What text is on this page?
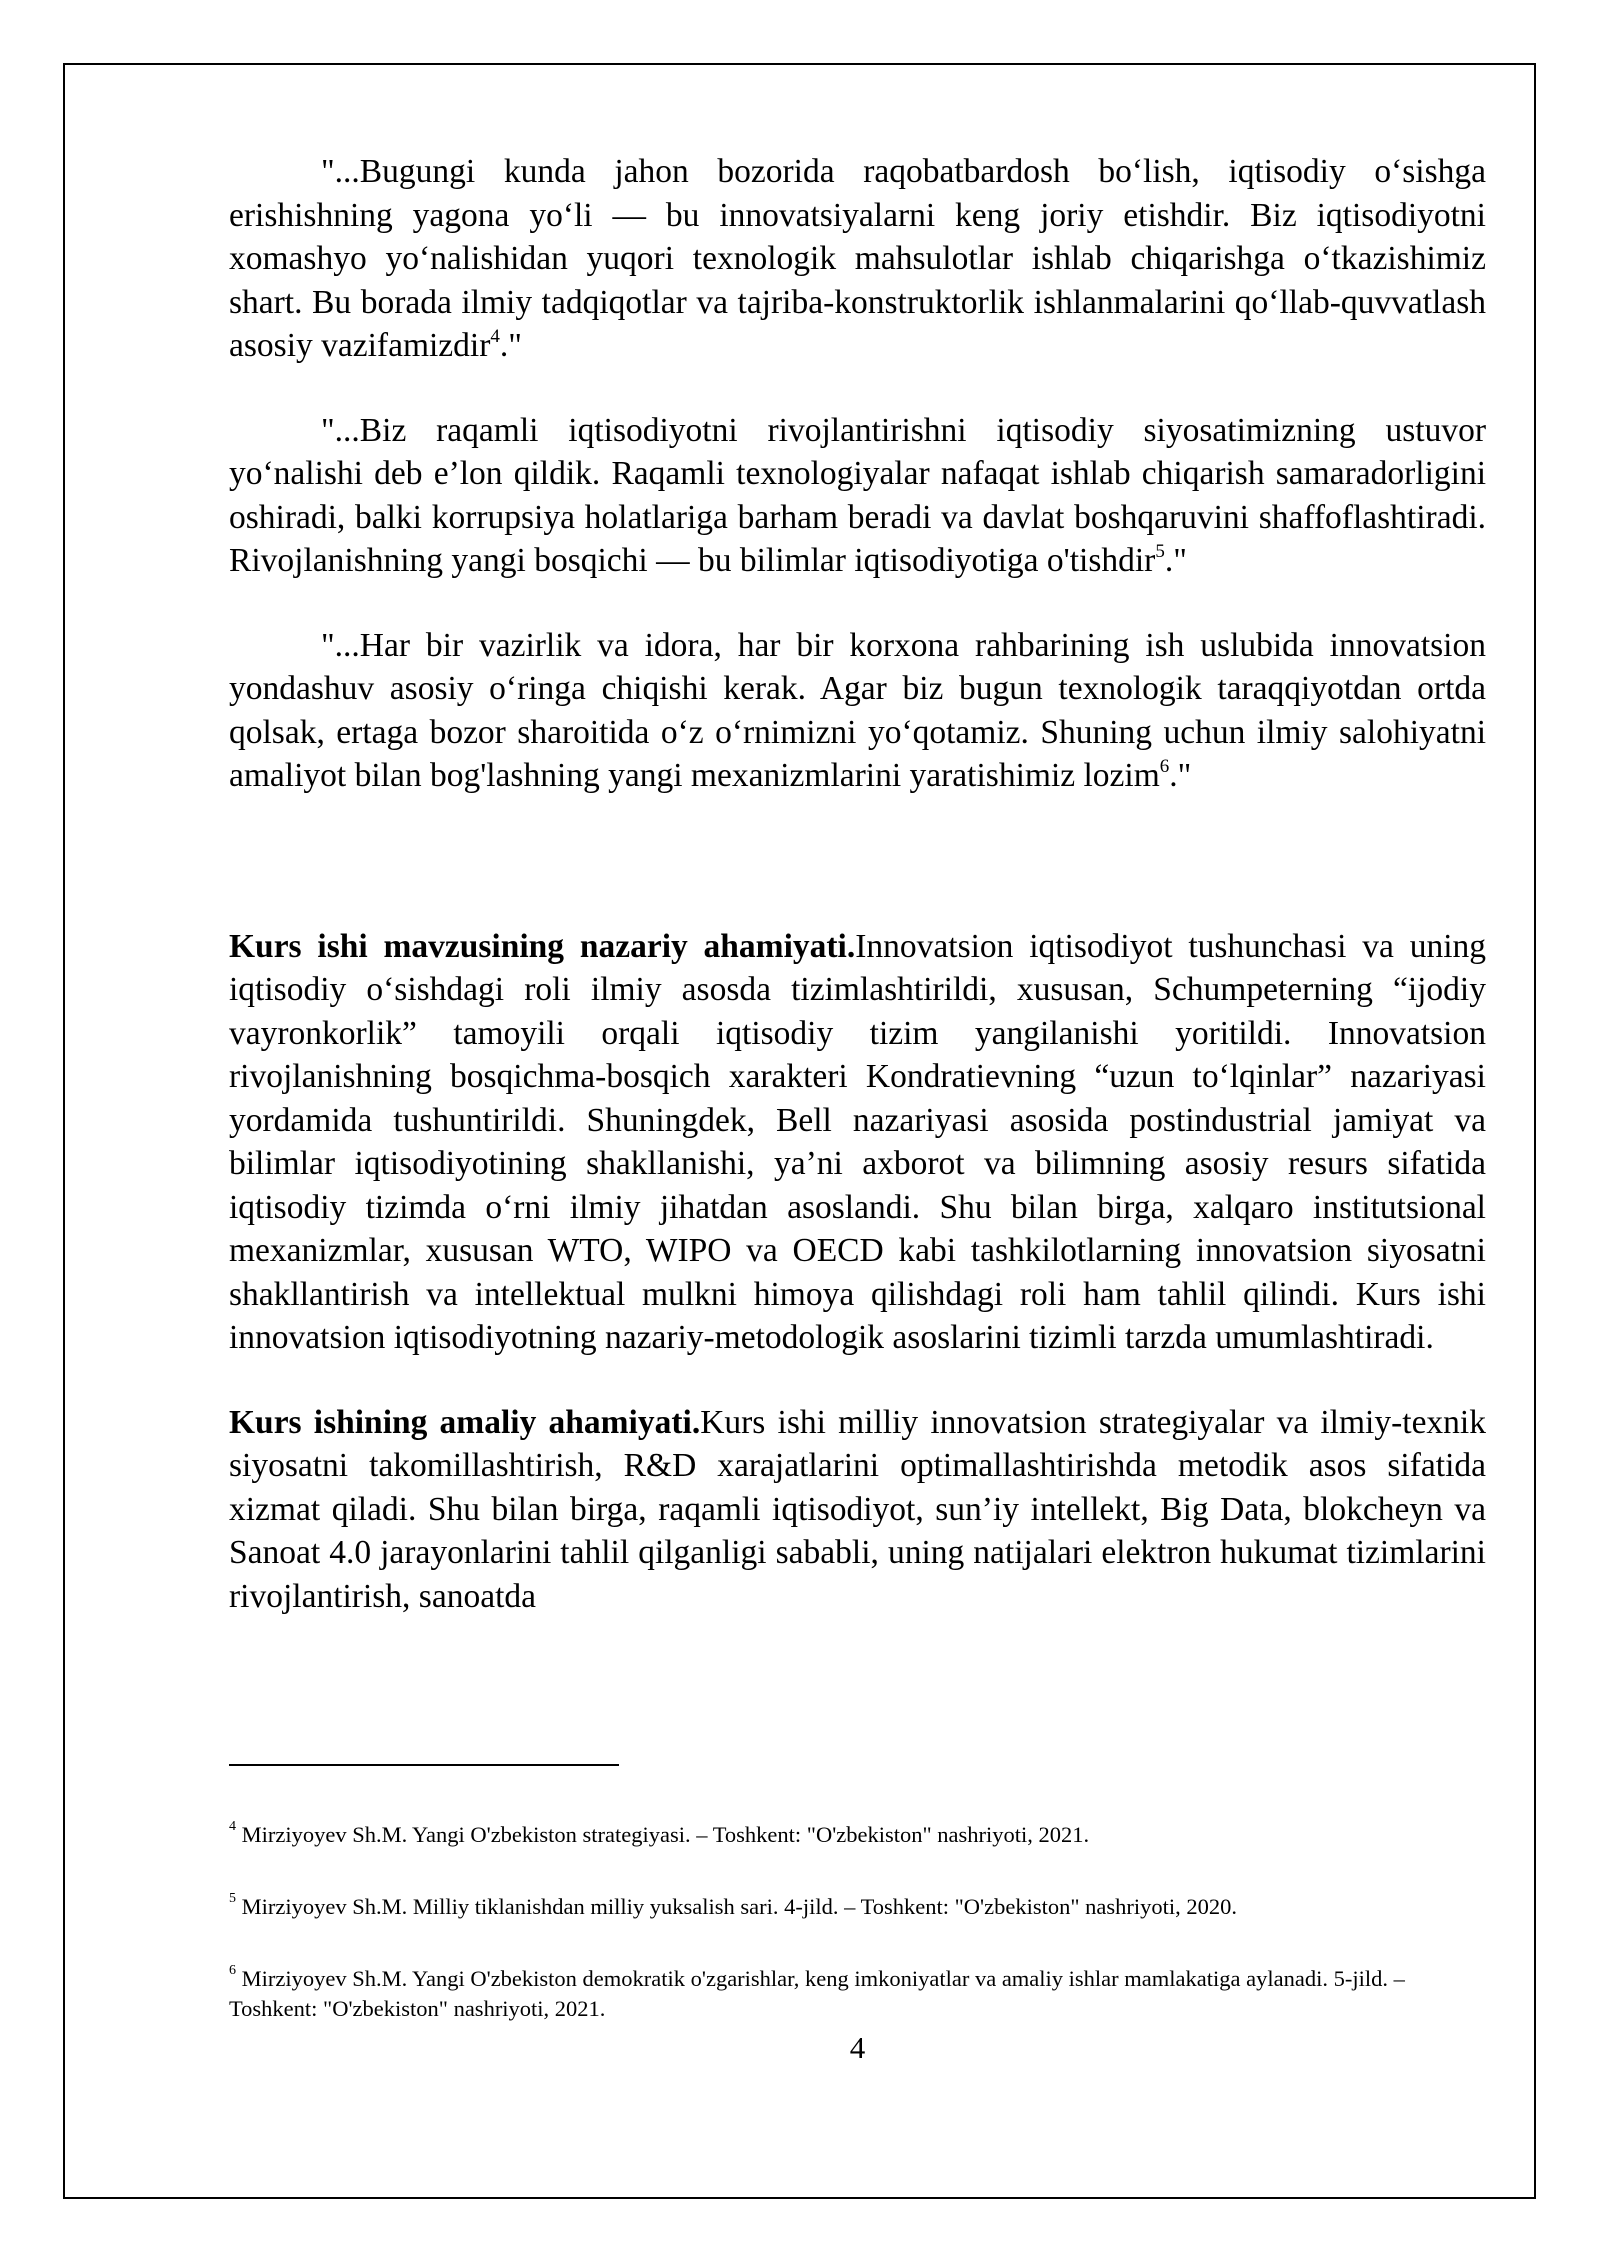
"...Bugungi kunda jahon bozorida raqobatbardosh bo‘lish, iqtisodiy o‘sishga erishishning yagona yo‘li — bu innovatsiyalarni keng joriy etishdir. Biz iqtisodiyotni xomashyo yo‘nalishidan yuqori texnologik mahsulotlar ishlab chiqarishga o‘tkazishimiz shart. Bu borada ilmiy tadqiqotlar va tajriba-konstruktorlik ishlanmalarini qo‘llab-quvvatlash asosiy vazifamizdir$^4$."

"...Biz raqamli iqtisodiyotni rivojlantirishni iqtisodiy siyosatimizning ustuvor yo‘nalishi deb e’lon qildik. Raqamli texnologiyalar nafaqat ishlab chiqarish samaradorligini oshiradi, balki korrupsiya holatlariga barham beradi va davlat boshqaruvini shaffoflashtiradi. Rivojlanishning yangi bosqichi — bu bilimlar iqtisodiyotiga o'tishdir$^5$."

"...Har bir vazirlik va idora, har bir korxona rahbarining ish uslubida innovatsion yondashuv asosiy o‘ringa chiqishi kerak. Agar biz bugun texnologik taraqqiyotdan ortda qolsak, ertaga bozor sharoitida o‘z o‘rnimizni yo‘qotamiz. Shuning uchun ilmiy salohiyatni amaliyot bilan bog'lashning yangi mexanizmlarini yaratishimiz lozim$^6$."

Kurs ishi mavzusining nazariy ahamiyati.Innovatsion iqtisodiyot tushunchasi va uning iqtisodiy o‘sishdagi roli ilmiy asosda tizimlashtirildi, xususan, Schumpeterning “ijodiy vayronkorlik” tamoyili orqali iqtisodiy tizim yangilanishi yoritildi. Innovatsion rivojlanishning bosqichma-bosqich xarakteri Kondratievning “uzun to‘lqinlar” nazariyasi yordamida tushuntirildi. Shuningdek, Bell nazariyasi asosida postindustrial jamiyat va bilimlar iqtisodiyotining shakllanishi, ya’ni axborot va bilimning asosiy resurs sifatida iqtisodiy tizimda o‘rni ilmiy jihatdan asoslandi. Shu bilan birga, xalqaro institutsional mexanizmlar, xususan WTO, WIPO va OECD kabi tashkilotlarning innovatsion siyosatni shakllantirish va intellektual mulkni himoya qilishdagi roli ham tahlil qilindi. Kurs ishi innovatsion iqtisodiyotning nazariy-metodologik asoslarini tizimli tarzda umumlashtiradi.

Kurs ishining amaliy ahamiyati.Kurs ishi milliy innovatsion strategiyalar va ilmiy-texnik siyosatni takomillashtirish, R&D xarajatlarini optimallashtirishda metodik asos sifatida xizmat qiladi. Shu bilan birga, raqamli iqtisodiyot, sun’iy intellekt, Big Data, blokcheyn va Sanoat 4.0 jarayonlarini tahlil qilganligi sababli, uning natijalari elektron hukumat tizimlarini rivojlantirish, sanoatda

$^4$ Mirziyoyev Sh.M. Yangi O'zbekiston strategiyasi. – Toshkent: "O'zbekiston" nashriyoti, 2021.

$^5$ Mirziyoyev Sh.M. Milliy tiklanishdan milliy yuksalish sari. 4-jild. – Toshkent: "O'zbekiston" nashriyoti, 2020.

$^6$ Mirziyoyev Sh.M. Yangi O'zbekiston demokratik o'zgarishlar, keng imkoniyatlar va amaliy ishlar mamlakatiga aylanadi. 5-jild. – Toshkent: "O'zbekiston" nashriyoti, 2021.

4
